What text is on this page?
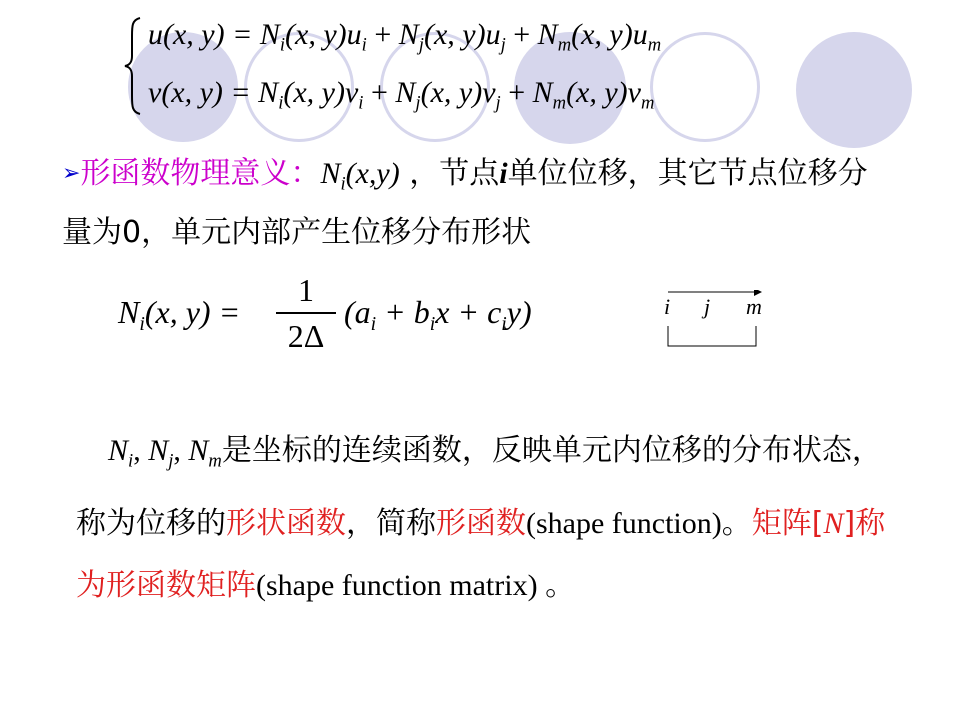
u(x, $y) = N_i(x$, $y)u_i + N_j(x$, $y)u_j + N_m(x$, $y)u_m$
v(x, $y) = N_i(x$, $y)v_i + N_j(x$, $y)v_j + N_m(x$, $y)v_m$
➢形函数物理意义：$N_i(x,y)$ ，节点i单位位移，其它节点位移分量为0，单元内部产生位移分布形状
$N_i(x$, y) =
1
2Δ
$(a_i + b_ix + c_iy)$	i j m
$N_i$, $N_j$, $N_m$是坐标的连续函数，反映单元内位移的分布状态，称为位移的形状函数，简称形函数(shape function)。矩阵[N]称为形函数矩阵(shape function matrix) 。
